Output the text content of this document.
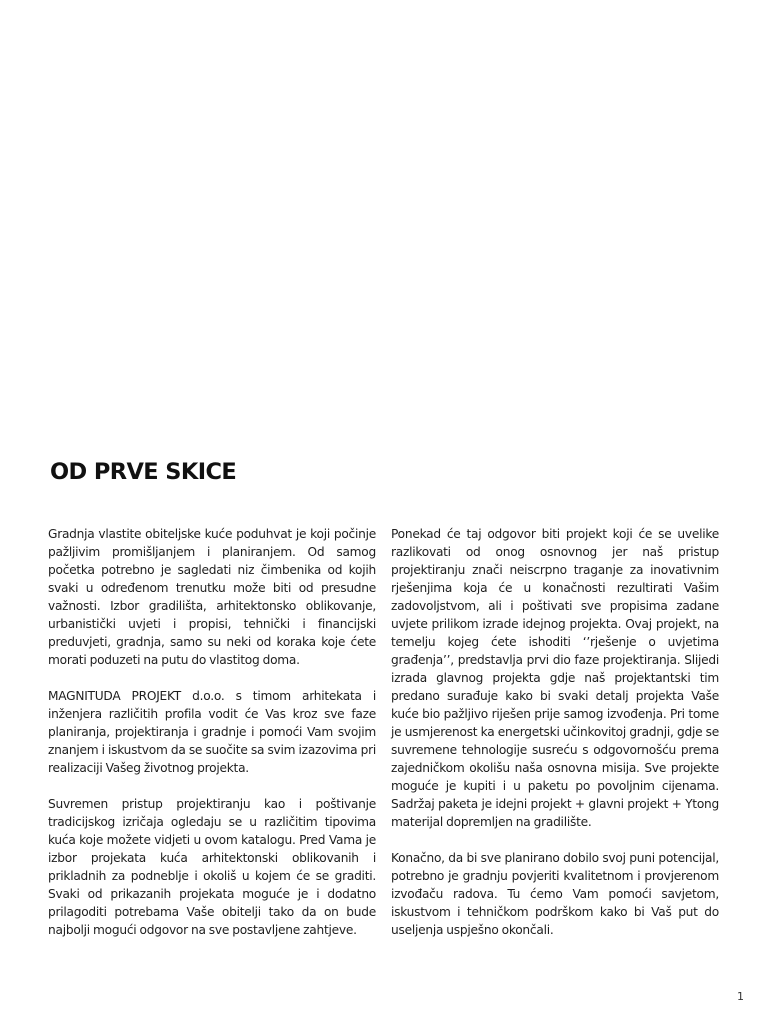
OD PRVE SKICE

Gradnja vlastite obiteljske kuće poduhvat je koji počinje pažljivim promišljanjem i planiranjem. Od samog početka potrebno je sagledati niz čimbenika od kojih svaki u određenom trenutku može biti od presudne važnosti. Izbor gradilišta, arhitektonsko oblikovanje, urbanistički uvjeti i propisi, tehnički i financijski preduvjeti, gradnja, samo su neki od koraka koje ćete morati poduzeti na putu do vlastitog doma.

MAGNITUDA PROJEKT d.o.o. s timom arhitekata i inženjera različitih profila vodit će Vas kroz sve faze planiranja, projektiranja i gradnje i pomoći Vam svojim znanjem i iskustvom da se suočite sa svim izazovima pri realizaciji Vašeg životnog projekta.

Suvremen pristup projektiranju kao i poštivanje tradicijskog izričaja ogledaju se u različitim tipovima kuća koje možete vidjeti u ovom katalogu. Pred Vama je izbor projekata kuća arhitektonski oblikovanih i prikladnih za podneblje i okoliš u kojem će se graditi. Svaki od prikazanih projekata moguće je i dodatno prilagoditi potrebama Vaše obitelji tako da on bude najbolji mogući odgovor na sve postavljene zahtjeve.

Ponekad će taj odgovor biti projekt koji će se uvelike razlikovati od onog osnovnog jer naš pristup projektiranju znači neiscrpno traganje za inovativnim rješenjima koja će u konačnosti rezultirati Vašim zadovoljstvom, ali i poštivati sve propisima zadane uvjete prilikom izrade idejnog projekta. Ovaj projekt, na temelju kojeg ćete ishoditi ‘’rješenje o uvjetima građenja’’, predstavlja prvi dio faze projektiranja. Slijedi izrada glavnog projekta gdje naš projektantski tim predano surađuje kako bi svaki detalj projekta Vaše kuće bio pažljivo riješen prije samog izvođenja. Pri tome je usmjerenost ka energetski učinkovitoj gradnji, gdje se suvremene tehnologije susreću s odgovornošću prema zajedničkom okolišu naša osnovna misija. Sve projekte moguće je kupiti i u paketu po povoljnim cijenama. Sadržaj paketa je idejni projekt + glavni projekt + Ytong materijal dopremljen na gradilište.

Konačno, da bi sve planirano dobilo svoj puni potencijal, potrebno je gradnju povjeriti kvalitetnom i provjerenom izvođaču radova. Tu ćemo Vam pomoći savjetom, iskustvom i tehničkom podrškom kako bi Vaš put do useljenja uspješno okončali.

1
